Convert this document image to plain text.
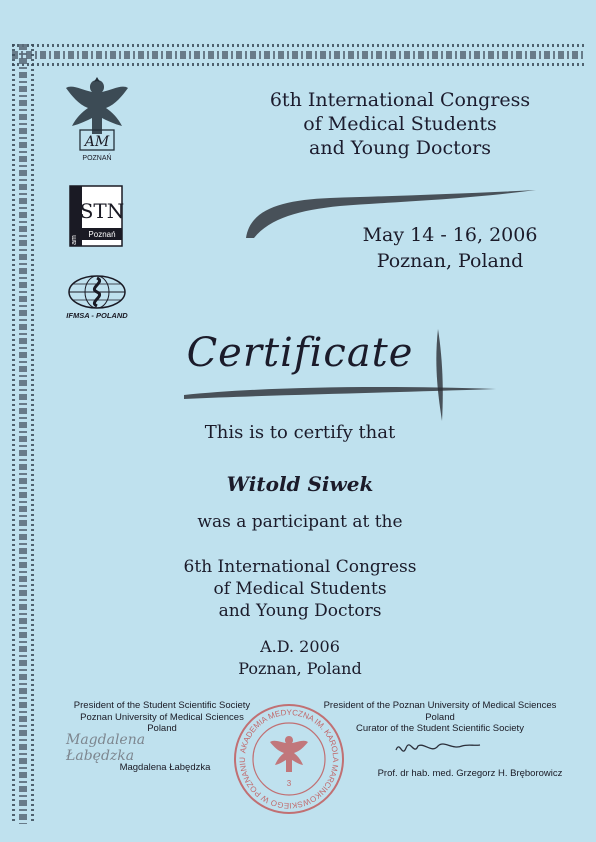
AM
POZNAŃ
am
STN
Poznań
IFMSA - POLAND
6th International Congress
of Medical Students
and Young Doctors
May 14 - 16, 2006
Poznan, Poland
Certificate
This is to certify that
Witold Siwek
was a participant at the
6th International Congress
of Medical Students
and Young Doctors
A.D. 2006
Poznan, Poland
President of the Student Scientific Society
Poznan University of Medical Sciences
Poland
Magdalena Łabędzka
Magdalena Łabędzka
President of the Poznan University of Medical Sciences
Poland
Curator of the Student Scientific Society
Prof. dr hab. med. Grzegorz H. Bręborowicz
AKADEMIA MEDYCZNA IM. KAROLA MARCINKOWSKIEGO W POZNANIU
3
